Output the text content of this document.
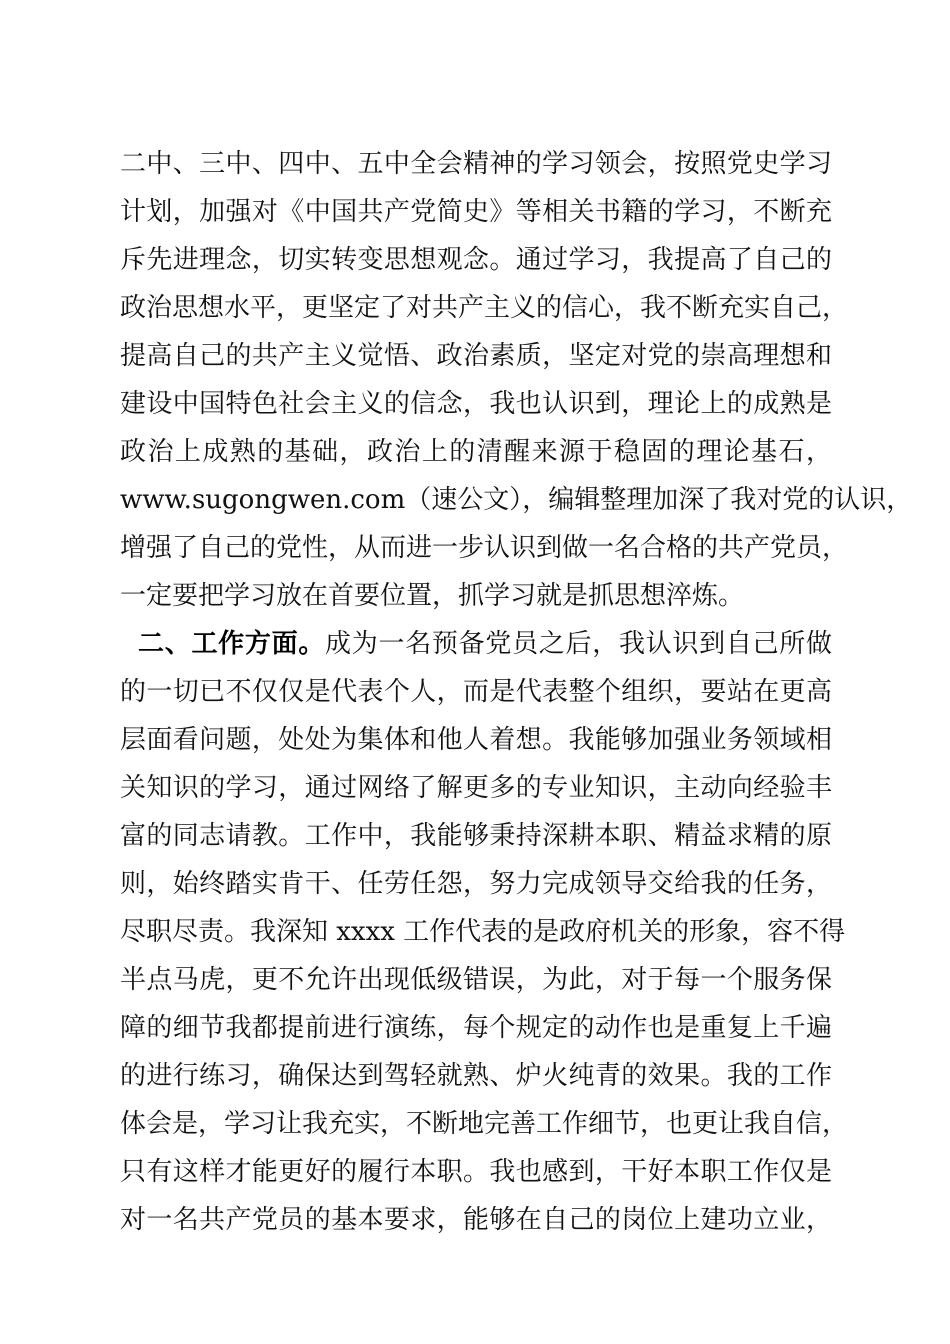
二中、三中、四中、五中全会精神的学习领会，按照党史学习
计划，加强对《中国共产党简史》等相关书籍的学习，不断充
斥先进理念，切实转变思想观念。通过学习，我提高了自己的
政治思想水平，更坚定了对共产主义的信心，我不断充实自己，
提高自己的共产主义觉悟、政治素质，坚定对党的崇高理想和
建设中国特色社会主义的信念，我也认识到，理论上的成熟是
政治上成熟的基础，政治上的清醒来源于稳固的理论基石，
www.sugongwen.com（速公文），编辑整理加深了我对党的认识，
增强了自己的党性，从而进一步认识到做一名合格的共产党员，
一定要把学习放在首要位置，抓学习就是抓思想淬炼。
二、工作方面。成为一名预备党员之后，我认识到自己所做
的一切已不仅仅是代表个人，而是代表整个组织，要站在更高
层面看问题，处处为集体和他人着想。我能够加强业务领域相
关知识的学习，通过网络了解更多的专业知识，主动向经验丰
富的同志请教。工作中，我能够秉持深耕本职、精益求精的原
则，始终踏实肯干、任劳任怨，努力完成领导交给我的任务，
尽职尽责。我深知 xxxx 工作代表的是政府机关的形象，容不得
半点马虎，更不允许出现低级错误，为此，对于每一个服务保
障的细节我都提前进行演练，每个规定的动作也是重复上千遍
的进行练习，确保达到驾轻就熟、炉火纯青的效果。我的工作
体会是，学习让我充实，不断地完善工作细节，也更让我自信，
只有这样才能更好的履行本职。我也感到，干好本职工作仅是
对一名共产党员的基本要求，能够在自己的岗位上建功立业，
